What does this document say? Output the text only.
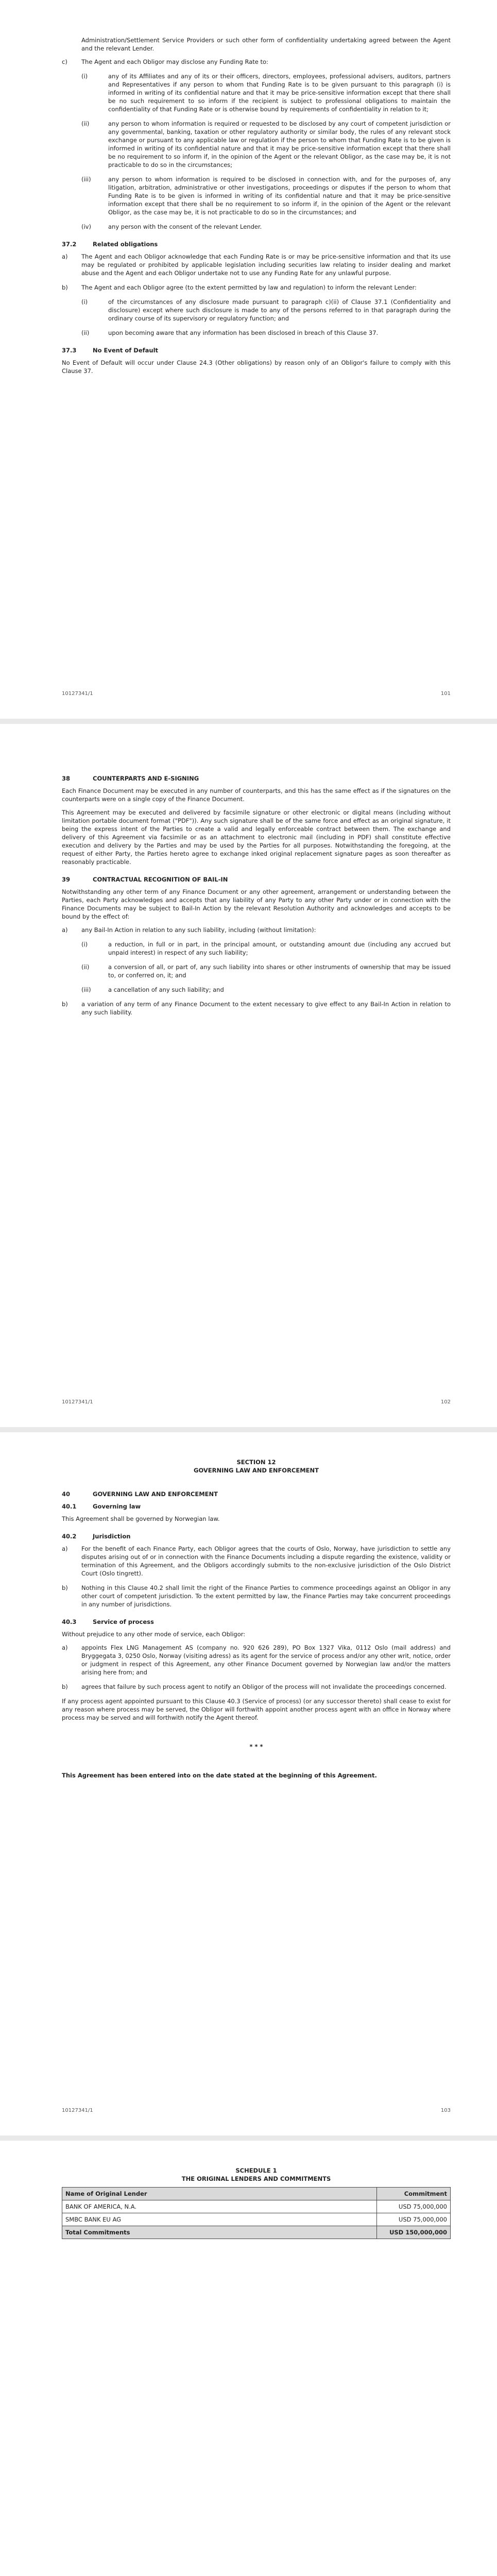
Administration/Settlement Service Providers or such other form of confidentiality undertaking agreed between the Agent and the relevant Lender.

c)	The Agent and each Obligor may disclose any Funding Rate to:
(i)	any of its Affiliates and any of its or their officers, directors, employees, professional advisers, auditors, partners and Representatives if any person to whom that Funding Rate is to be given pursuant to this paragraph (i) is informed in writing of its confidential nature and that it may be price-sensitive information except that there shall be no such requirement to so inform if the recipient is subject to professional obligations to maintain the confidentiality of that Funding Rate or is otherwise bound by requirements of confidentiality in relation to it;
(ii)	any person to whom information is required or requested to be disclosed by any court of competent jurisdiction or any governmental, banking, taxation or other regulatory authority or similar body, the rules of any relevant stock exchange or pursuant to any applicable law or regulation if the person to whom that Funding Rate is to be given is informed in writing of its confidential nature and that it may be price-sensitive information except that there shall be no requirement to so inform if, in the opinion of the Agent or the relevant Obligor, as the case may be, it is not practicable to do so in the circumstances;
(iii)	any person to whom information is required to be disclosed in connection with, and for the purposes of, any litigation, arbitration, administrative or other investigations, proceedings or disputes if the person to whom that Funding Rate is to be given is informed in writing of its confidential nature and that it may be price-sensitive information except that there shall be no requirement to so inform if, in the opinion of the Agent or the relevant Obligor, as the case may be, it is not practicable to do so in the circumstances; and
(iv)	any person with the consent of the relevant Lender.
37.2	Related obligations
a)	The Agent and each Obligor acknowledge that each Funding Rate is or may be price-sensitive information and that its use may be regulated or prohibited by applicable legislation including securities law relating to insider dealing and market abuse and the Agent and each Obligor undertake not to use any Funding Rate for any unlawful purpose.
b)	The Agent and each Obligor agree (to the extent permitted by law and regulation) to inform the relevant Lender:
(i)	of the circumstances of any disclosure made pursuant to paragraph c)(ii) of Clause 37.1 (Confidentiality and disclosure) except where such disclosure is made to any of the persons referred to in that paragraph during the ordinary course of its supervisory or regulatory function; and
(ii)	upon becoming aware that any information has been disclosed in breach of this Clause 37.
37.3	No Event of Default

No Event of Default will occur under Clause 24.3 (Other obligations) by reason only of an Obligor's failure to comply with this Clause 37.

10127341/1	101
38	COUNTERPARTS AND E-SIGNING

Each Finance Document may be executed in any number of counterparts, and this has the same effect as if the signatures on the counterparts were on a single copy of the Finance Document.

This Agreement may be executed and delivered by facsimile signature or other electronic or digital means (including without limitation portable document format ("PDF")). Any such signature shall be of the same force and effect as an original signature, it being the express intent of the Parties to create a valid and legally enforceable contract between them. The exchange and delivery of this Agreement via facsimile or as an attachment to electronic mail (including in PDF) shall constitute effective execution and delivery by the Parties and may be used by the Parties for all purposes. Notwithstanding the foregoing, at the request of either Party, the Parties hereto agree to exchange inked original replacement signature pages as soon thereafter as reasonably practicable.

39	CONTRACTUAL RECOGNITION OF BAIL-IN

Notwithstanding any other term of any Finance Document or any other agreement, arrangement or understanding between the Parties, each Party acknowledges and accepts that any liability of any Party to any other Party under or in connection with the Finance Documents may be subject to Bail-In Action by the relevant Resolution Authority and acknowledges and accepts to be bound by the effect of:

a)	any Bail-In Action in relation to any such liability, including (without limitation):
(i)	a reduction, in full or in part, in the principal amount, or outstanding amount due (including any accrued but unpaid interest) in respect of any such liability;
(ii)	a conversion of all, or part of, any such liability into shares or other instruments of ownership that may be issued to, or conferred on, it; and
(iii)	a cancellation of any such liability; and
b)	a variation of any term of any Finance Document to the extent necessary to give effect to any Bail-In Action in relation to any such liability.
10127341/1	102

SECTION 12

GOVERNING LAW AND ENFORCEMENT

40	GOVERNING LAW AND ENFORCEMENT
40.1	Governing law

This Agreement shall be governed by Norwegian law.

40.2	Jurisdiction
a)	For the benefit of each Finance Party, each Obligor agrees that the courts of Oslo, Norway, have jurisdiction to settle any disputes arising out of or in connection with the Finance Documents including a dispute regarding the existence, validity or termination of this Agreement, and the Obligors accordingly submits to the non-exclusive jurisdiction of the Oslo District Court (Oslo tingrett).
b)	Nothing in this Clause 40.2 shall limit the right of the Finance Parties to commence proceedings against an Obligor in any other court of competent jurisdiction. To the extent permitted by law, the Finance Parties may take concurrent proceedings in any number of jurisdictions.
40.3	Service of process

Without prejudice to any other mode of service, each Obligor:

a)	appoints Flex LNG Management AS (company no. 920 626 289), PO Box 1327 Vika, 0112 Oslo (mail address) and Bryggegata 3, 0250 Oslo, Norway (visiting adress) as its agent for the service of process and/or any other writ, notice, order or judgment in respect of this Agreement, any other Finance Document governed by Norwegian law and/or the matters arising here from; and
b)	agrees that failure by such process agent to notify an Obligor of the process will not invalidate the proceedings concerned.

If any process agent appointed pursuant to this Clause 40.3 (Service of process) (or any successor thereto) shall cease to exist for any reason where process may be served, the Obligor will forthwith appoint another process agent with an office in Norway where process may be served and will forthwith notify the Agent thereof.

* * *

This Agreement has been entered into on the date stated at the beginning of this Agreement.

10127341/1	103

SCHEDULE 1

THE ORIGINAL LENDERS AND COMMITMENTS

Name of Original Lender	Commitment
BANK OF AMERICA, N.A.	USD 75,000,000
SMBC BANK EU AG	USD 75,000,000
Total Commitments	USD 150,000,000
